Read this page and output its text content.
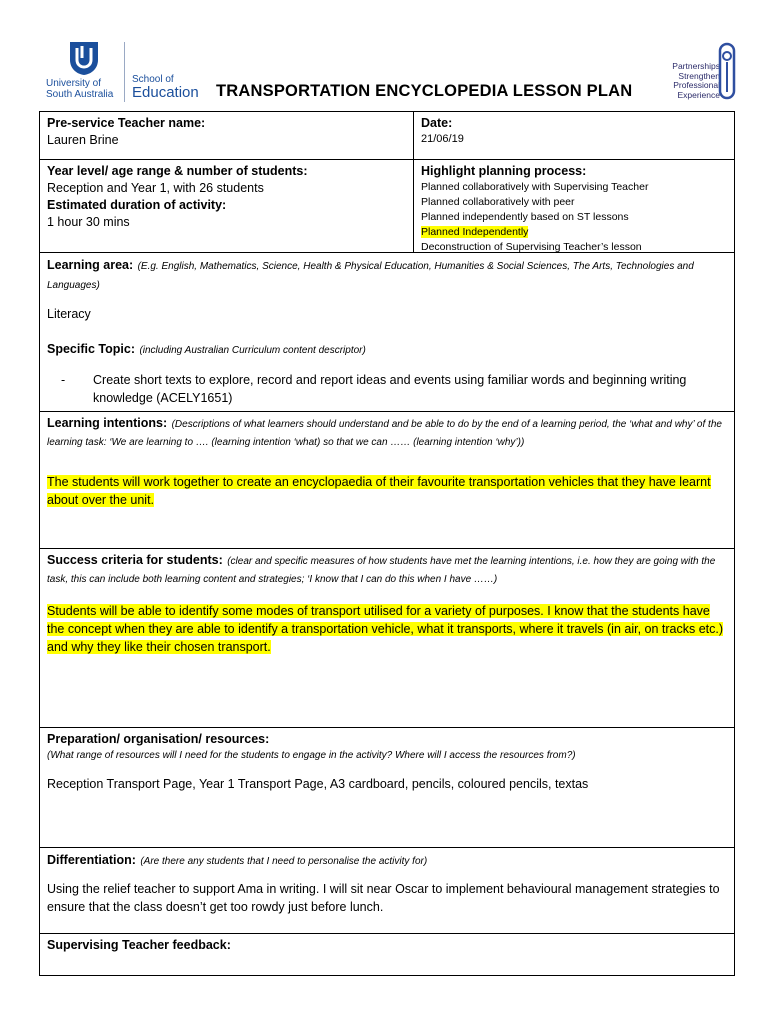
University of
South Australia
School of
Education TRANSPORTATION ENCYCLOPEDIA LESSON PLAN
Partnerships
Strengthen
Professional
Experience
Pre-service Teacher name:
Lauren Brine
Date:
21/06/19
Year level/ age range & number of students:
Reception and Year 1, with 26 students
Estimated duration of activity:
1 hour 30 mins
Highlight planning process:
Planned collaboratively with Supervising Teacher
Planned collaboratively with peer
Planned independently based on ST lessons
Planned Independently
Deconstruction of Supervising Teacher’s lesson
Learning area: (E.g. English, Mathematics, Science, Health & Physical Education, Humanities & Social Sciences, The Arts, Technologies and Languages)
Literacy
Specific Topic: (including Australian Curriculum content descriptor)
-	Create short texts to explore, record and report ideas and events using familiar words and beginning writing knowledge (ACELY1651)
Learning intentions: (Descriptions of what learners should understand and be able to do by the end of a learning period, the ‘what and why’ of the learning task: ‘We are learning to …. (learning intention ‘what) so that we can …… (learning intention ‘why’))
The students will work together to create an encyclopaedia of their favourite transportation vehicles that they have learnt about over the unit.
Success criteria for students: (clear and specific measures of how students have met the learning intentions, i.e. how they are going with the task, this can include both learning content and strategies; ‘I know that I can do this when I have ……)
Students will be able to identify some modes of transport utilised for a variety of purposes. I know that the students have the concept when they are able to identify a transportation vehicle, what it transports, where it travels (in air, on tracks etc.) and why they like their chosen transport.
Preparation/ organisation/ resources:
(What range of resources will I need for the students to engage in the activity? Where will I access the resources from?)
Reception Transport Page, Year 1 Transport Page, A3 cardboard, pencils, coloured pencils, textas
Differentiation: (Are there any students that I need to personalise the activity for)
Using the relief teacher to support Ama in writing. I will sit near Oscar to implement behavioural management strategies to ensure that the class doesn’t get too rowdy just before lunch.
Supervising Teacher feedback:
